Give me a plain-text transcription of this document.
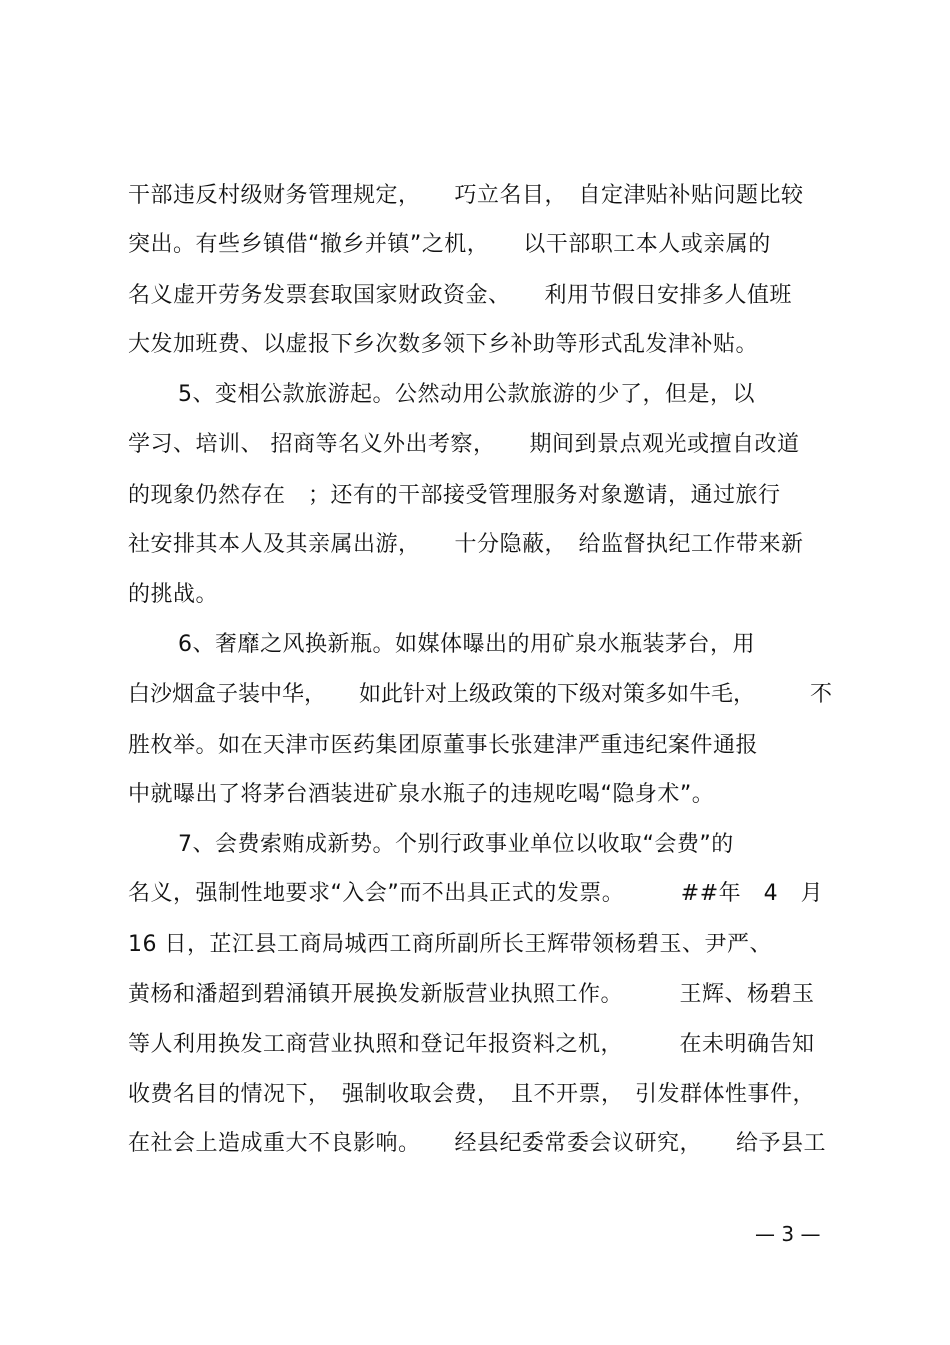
干部违反村级财务管理规定，　　巧立名目，　自定津贴补贴问题比较
突出。有些乡镇借“撤乡并镇”之机，　　以干部职工本人或亲属的
名义虚开劳务发票套取国家财政资金、　　利用节假日安排多人值班
大发加班费、以虚报下乡次数多领下乡补助等形式乱发津补贴。
5、变相公款旅游起。公然动用公款旅游的少了，但是，以
学习、培训、 招商等名义外出考察，　　期间到景点观光或擅自改道
的现象仍然存在　；还有的干部接受管理服务对象邀请，通过旅行
社安排其本人及其亲属出游，　　十分隐蔽，　给监督执纪工作带来新
的挑战。
6、奢靡之风换新瓶。如媒体曝出的用矿泉水瓶装茅台，用
白沙烟盒子装中华，　　如此针对上级政策的下级对策多如牛毛，　　　不
胜枚举。如在天津市医药集团原董事长张建津严重违纪案件通报
中就曝出了将茅台酒装进矿泉水瓶子的违规吃喝“隐身术”。
7、会费索贿成新势。个别行政事业单位以收取“会费”的
名义，强制性地要求“入会”而不出具正式的发票。　　　##年　4　月
16 日，芷江县工商局城西工商所副所长王辉带领杨碧玉、尹严、
黄杨和潘超到碧涌镇开展换发新版营业执照工作。　　　王辉、杨碧玉
等人利用换发工商营业执照和登记年报资料之机，　　　在未明确告知
收费名目的情况下，　强制收取会费，　且不开票，　引发群体性事件，
在社会上造成重大不良影响。　　经县纪委常委会议研究，　　给予县工
— 3 —
